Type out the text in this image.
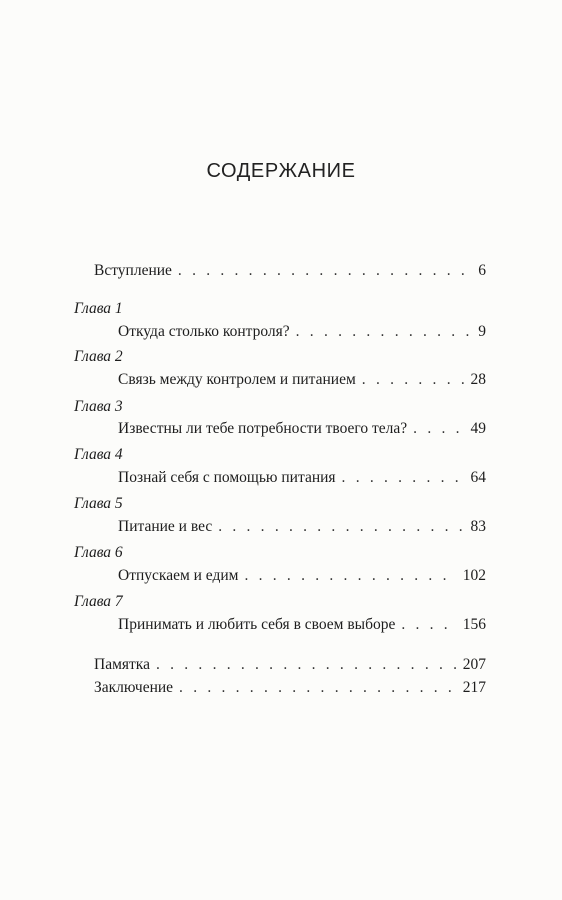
СОДЕРЖАНИЕ
Вступление . . .	6
Глава 1
Откуда столько контроля? . . .	9
Глава 2
Связь между контролем и питанием . . .	28
Глава 3
Известны ли тебе потребности твоего тела? . . .	49
Глава 4
Познай себя с помощью питания . . .	64
Глава 5
Питание и вес . . .	83
Глава 6
Отпускаем и едим . . .	102
Глава 7
Принимать и любить себя в своем выборе . . .	156
Памятка . . .	207
Заключение . . .	217
